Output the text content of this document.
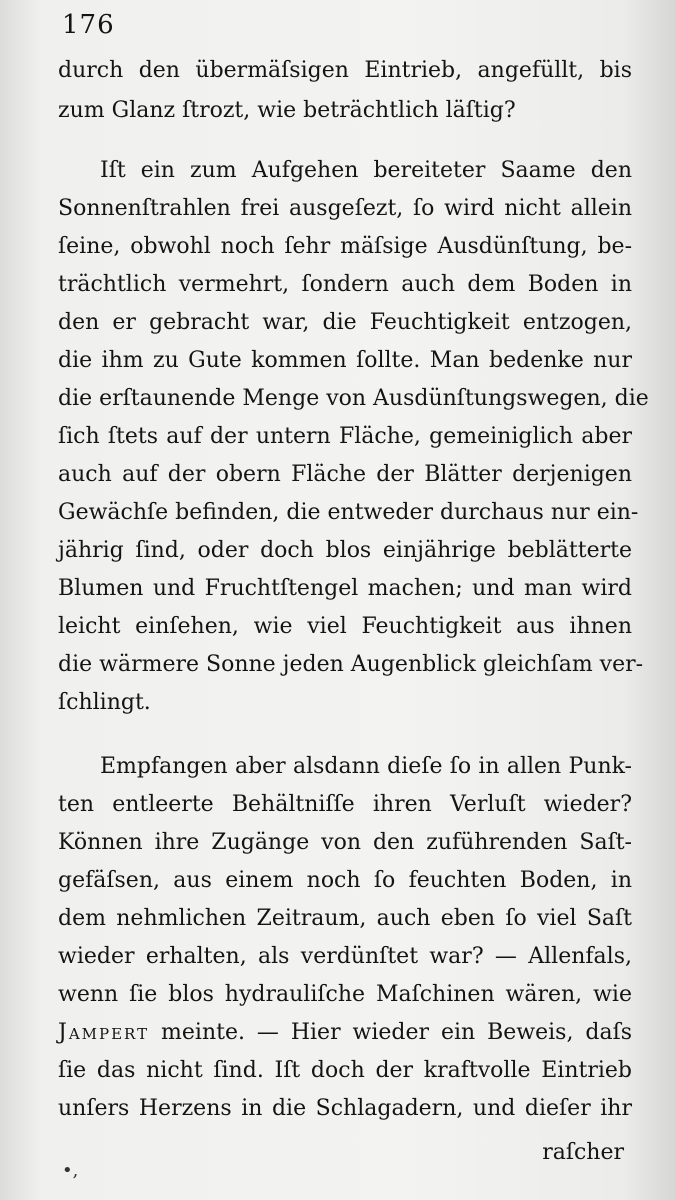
176
durch den übermäſsigen Eintrieb, angefüllt, bis
zum Glanz ſtrozt, wie beträchtlich läſtig?
Iſt ein zum Aufgehen bereiteter Saame den
Sonnenſtrahlen frei ausgeſezt, ſo wird nicht allein
ſeine, obwohl noch ſehr mäſsige Ausdünſtung, be-
trächtlich vermehrt, ſondern auch dem Boden in
den er gebracht war, die Feuchtigkeit entzogen,
die ihm zu Gute kommen ſollte. Man bedenke nur
die erſtaunende Menge von Ausdünſtungswegen, die
ſich ſtets auf der untern Fläche, gemeiniglich aber
auch auf der obern Fläche der Blätter derjenigen
Gewächſe befinden, die entweder durchaus nur ein-
jährig ſind, oder doch blos einjährige beblätterte
Blumen und Fruchtſtengel machen; und man wird
leicht einſehen, wie viel Feuchtigkeit aus ihnen
die wärmere Sonne jeden Augenblick gleichſam ver-
ſchlingt.
Empfangen aber alsdann dieſe ſo in allen Punk-
ten entleerte Behältniſſe ihren Verluſt wieder?
Können ihre Zugänge von den zuführenden Saſt-
gefäſsen, aus einem noch ſo feuchten Boden, in
dem nehmlichen Zeitraum, auch eben ſo viel Saſt
wieder erhalten, als verdünſtet war? — Allenfals,
wenn ſie blos hydrauliſche Maſchinen wären, wie
Jampert meinte. — Hier wieder ein Beweis, daſs
ſie das nicht ſind. Iſt doch der kraftvolle Eintrieb
unſers Herzens in die Schlagadern, und dieſer ihr
raſcher
•,
